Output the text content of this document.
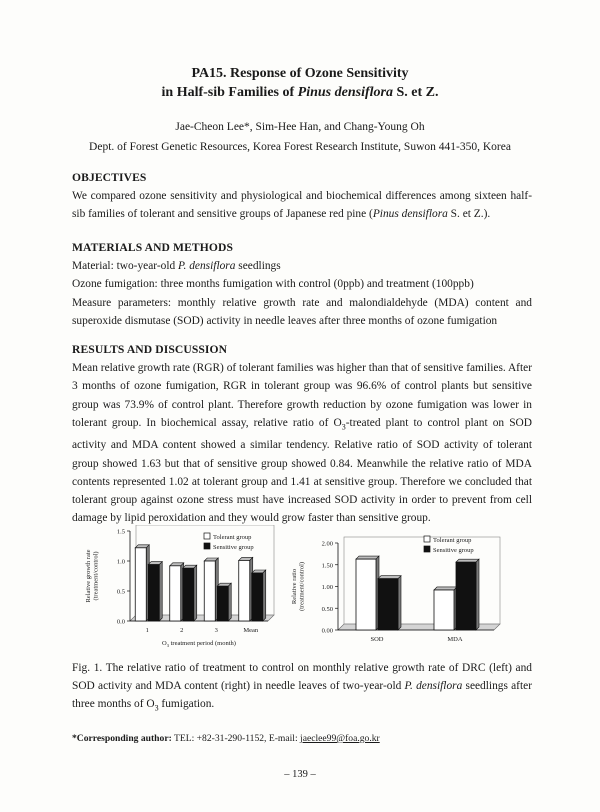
PA15. Response of Ozone Sensitivity
in Half-sib Families of Pinus densiflora S. et Z.
Jae-Cheon Lee*, Sim-Hee Han, and Chang-Young Oh
Dept. of Forest Genetic Resources, Korea Forest Research Institute, Suwon 441-350, Korea
OBJECTIVES
We compared ozone sensitivity and physiological and biochemical differences among sixteen half-sib families of tolerant and sensitive groups of Japanese red pine (Pinus densiflora S. et Z.).
MATERIALS AND METHODS
Material: two-year-old P. densiflora seedlings
Ozone fumigation: three months fumigation with control (0ppb) and treatment (100ppb)
Measure parameters: monthly relative growth rate and malondialdehyde (MDA) content and superoxide dismutase (SOD) activity in needle leaves after three months of ozone fumigation
RESULTS AND DISCUSSION
Mean relative growth rate (RGR) of tolerant families was higher than that of sensitive families. After 3 months of ozone fumigation, RGR in tolerant group was 96.6% of control plants but sensitive group was 73.9% of control plant. Therefore growth reduction by ozone fumigation was lower in tolerant group. In biochemical assay, relative ratio of $O_3$-treated plant to control plant on SOD activity and MDA content showed a similar tendency. Relative ratio of SOD activity of tolerant group showed 1.63 but that of sensitive group showed 0.84. Meanwhile the relative ratio of MDA contents represented 1.02 at tolerant group and 1.41 at sensitive group. Therefore we concluded that tolerant group against ozone stress must have increased SOD activity in order to prevent from cell damage by lipid peroxidation and they would grow faster than sensitive group.
0.0
0.5
1.0
1.5
1	2	3	Mean
$O_3$ treatment period (month)
Relative growth rate(treatment/control)
Tolerant group
Sensitive group
0.00
0.50
1.00
1.50
2.00
SOD	MDA
Relative ratio(treatment/control)
Tolerant group
Sensitive group
Fig. 1. The relative ratio of treatment to control on monthly relative growth rate of DRC (left) and SOD activity and MDA content (right) in needle leaves of two-year-old P. densiflora seedlings after three months of $O_3$ fumigation.
*Corresponding author: TEL: +82-31-290-1152, E-mail: jaeclee99@foa.go.kr
– 139 –
